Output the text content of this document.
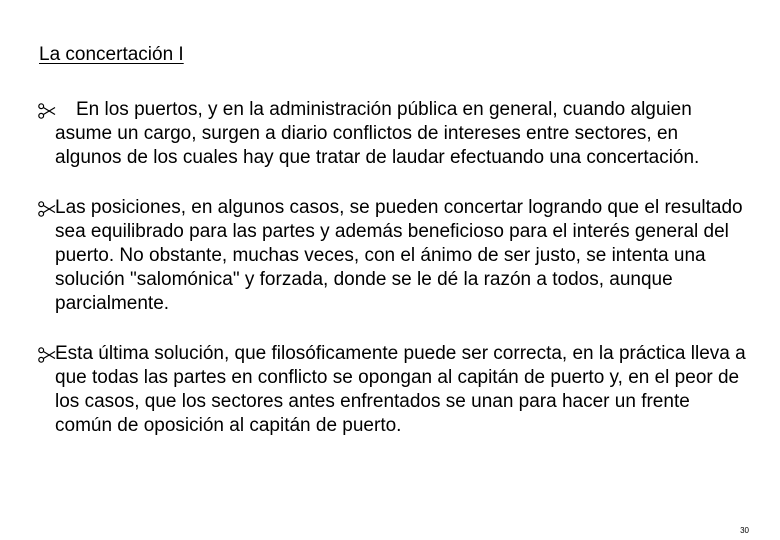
La concertación I
En los puertos, y en la administración pública en general, cuando alguien asume un cargo, surgen a diario conflictos de intereses entre sectores, en algunos de los cuales hay que tratar de laudar efectuando una concertación.
Las posiciones, en algunos casos, se pueden concertar logrando que el resultado sea equilibrado para las partes y además beneficioso para el interés general del puerto. No obstante, muchas veces, con el ánimo de ser justo, se intenta una solución "salomónica" y forzada, donde se le dé la razón a todos, aunque parcialmente.
Esta última solución, que filosóficamente puede ser correcta, en la práctica lleva a que todas las partes en conflicto se opongan al capitán de puerto y, en el peor de los casos, que los sectores antes enfrentados se unan para hacer un frente común de oposición al capitán de puerto.
30
